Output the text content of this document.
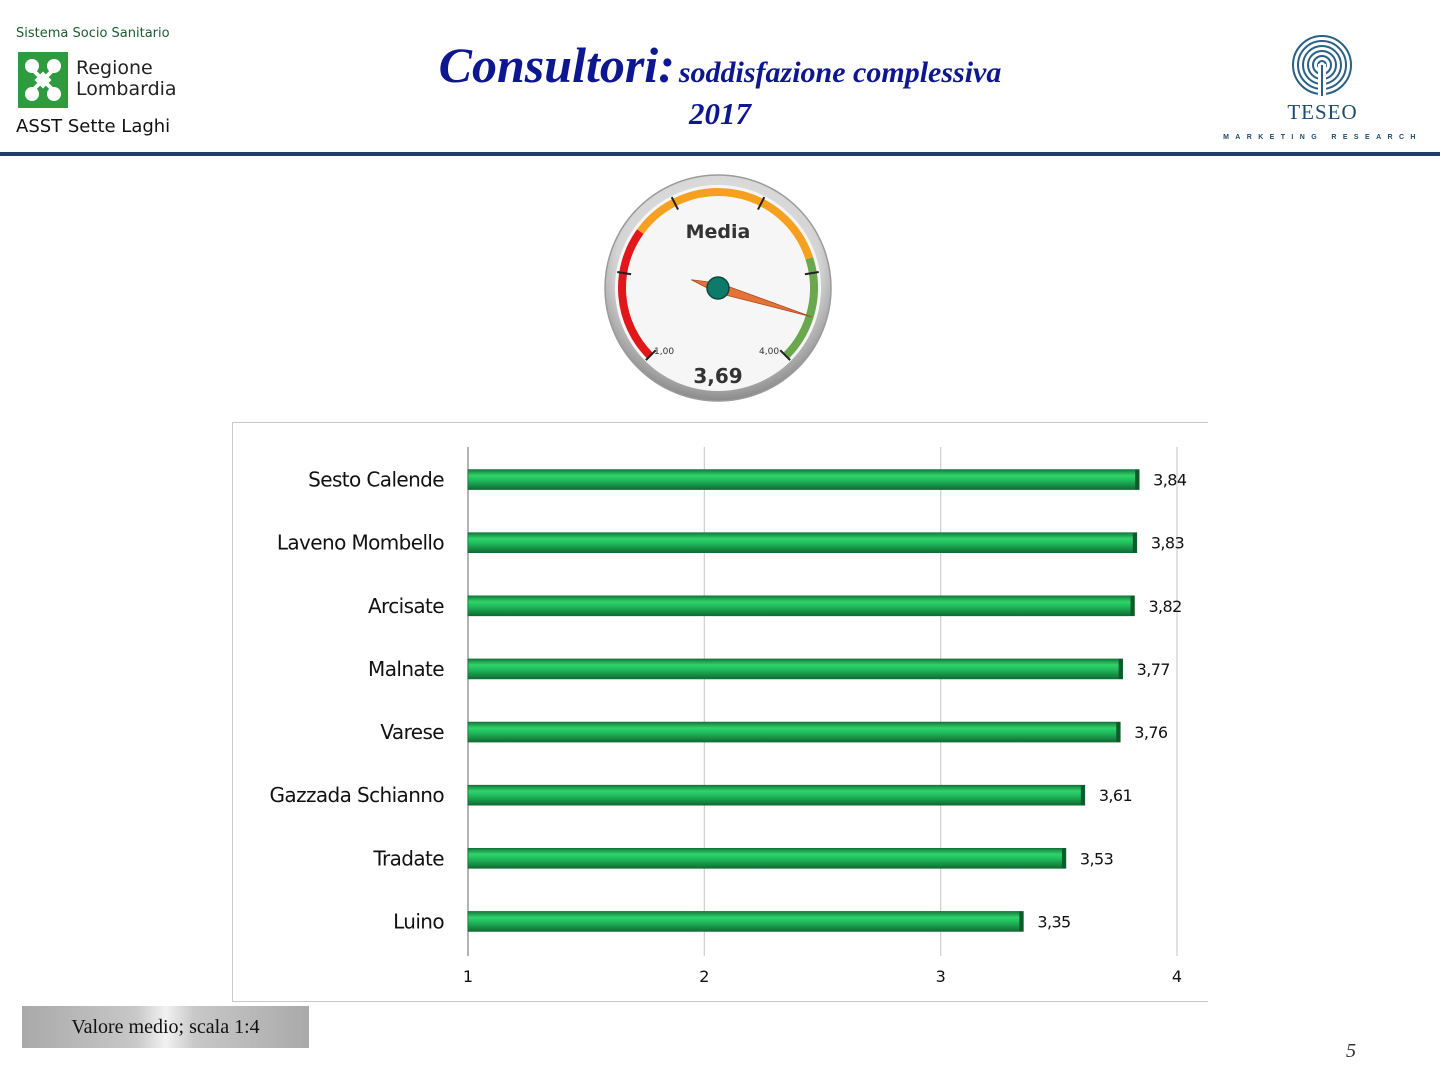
Sistema Socio Sanitario
Regione
Lombardia
ASST Sette Laghi
Consultori: soddisfazione complessiva
2017	TESEO
MARKETING RESEARCH
Media
1,00	4,00
3,69
1	2	3	4
Sesto Calende	3,84
Laveno Mombello	3,83
Arcisate	3,82
Malnate	3,77
Varese	3,76
Gazzada Schianno	3,61
Tradate	3,53
Luino	3,35
Valore medio; scala 1:4
5
